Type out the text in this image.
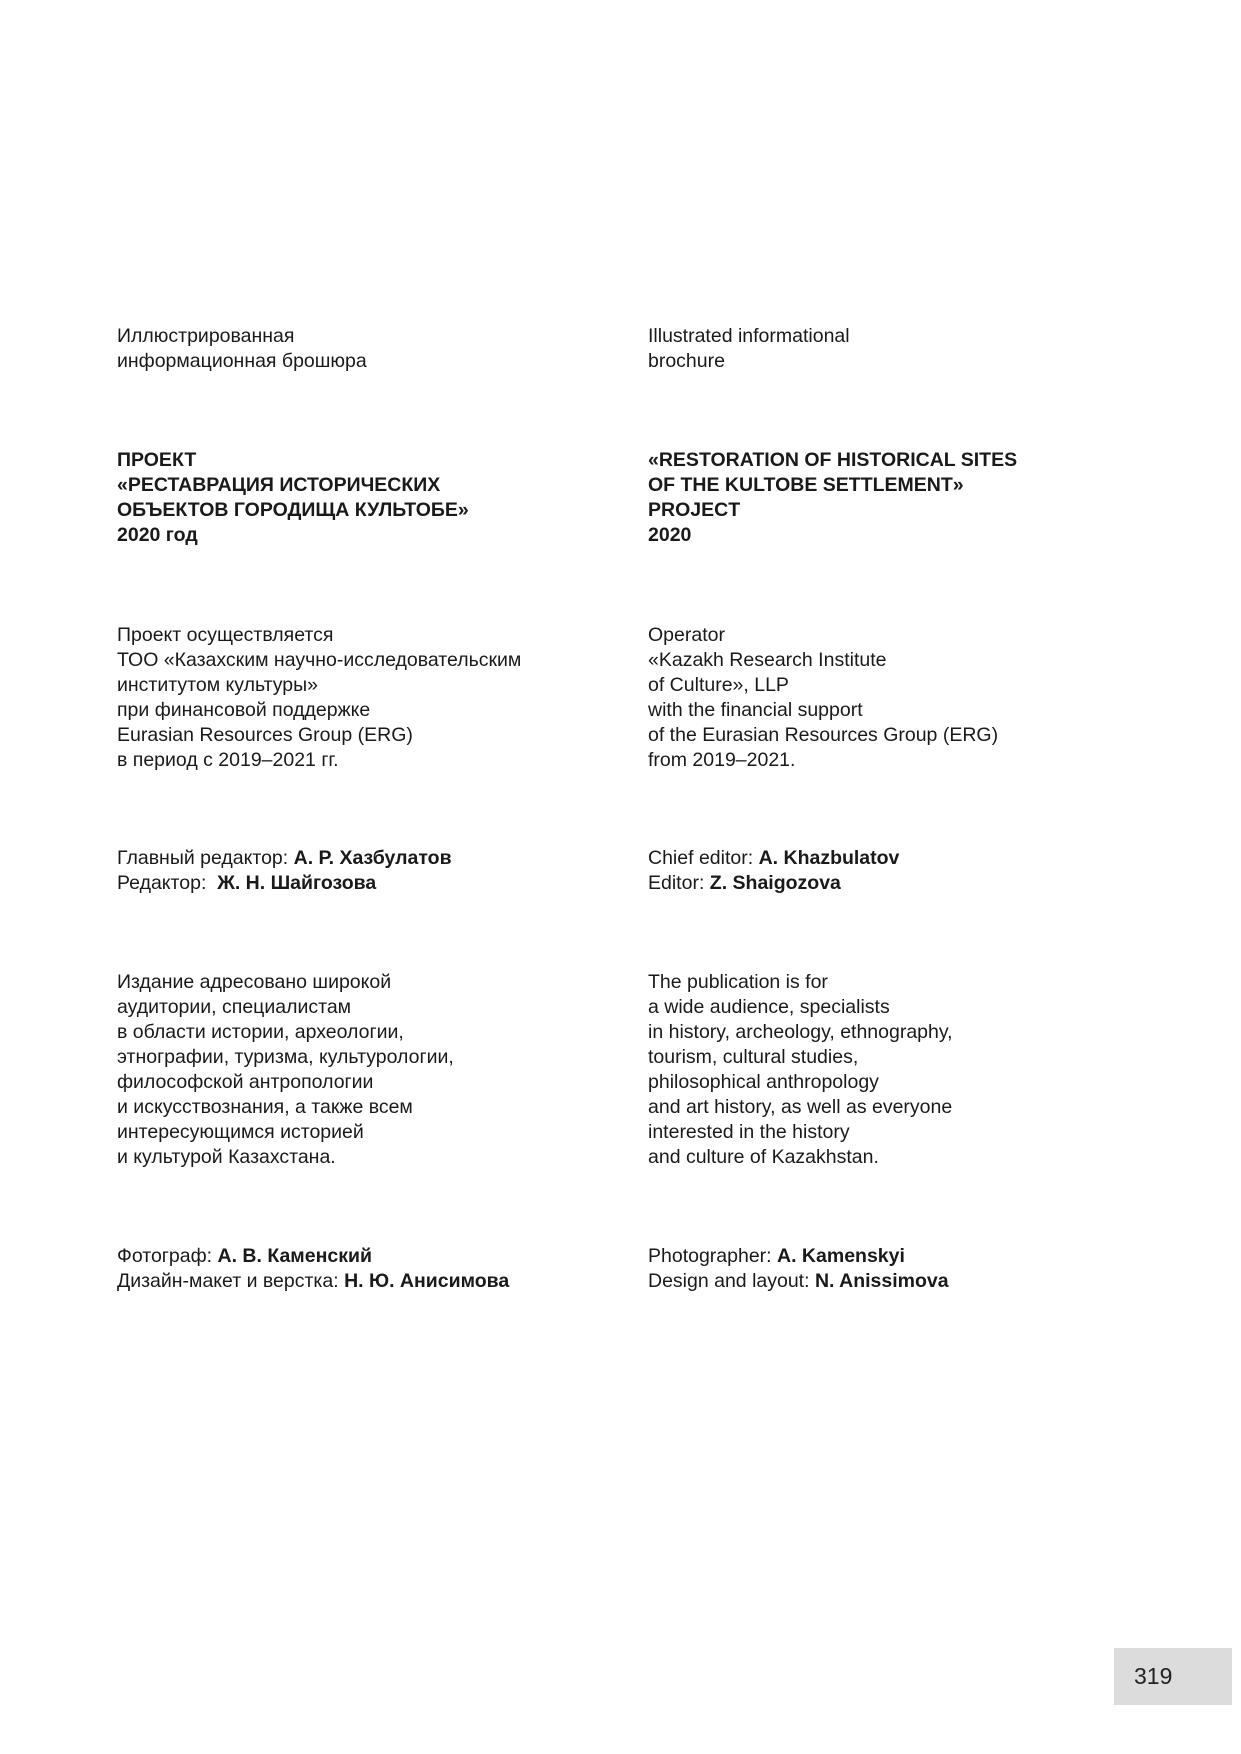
Иллюстрированная
информационная брошюра
ПРОЕКТ
«РЕСТАВРАЦИЯ ИСТОРИЧЕСКИХ
ОБЪЕКТОВ ГОРОДИЩА КУЛЬТОБЕ»
2020 год
Проект осуществляется
ТОО «Казахским научно-исследовательским
институтом культуры»
при финансовой поддержке
Eurasian Resources Group (ERG)
в период с 2019–2021 гг.
Главный редактор: А. Р. Хазбулатов
Редактор:  Ж. Н. Шайгозова
Издание адресовано широкой
аудитории, специалистам
в области истории, археологии,
этнографии, туризма, культурологии,
философской антропологии
и искусствознания, а также всем
интересующимся историей
и культурой Казахстана.
Фотограф: А. В. Каменский
Дизайн-макет и верстка: Н. Ю. Анисимова
Illustrated informational
brochure
«RESTORATION OF HISTORICAL SITES
OF THE KULTOBE SETTLEMENT»
PROJECT
2020
Operator
«Kazakh Research Institute
of Culture», LLP
with the financial support
of the Eurasian Resources Group (ERG)
from 2019–2021.
Chief editor: A. Khazbulatov
Editor: Z. Shaigozova
The publication is for
a wide audience, specialists
in history, archeology, ethnography,
tourism, cultural studies,
philosophical anthropology
and art history, as well as everyone
interested in the history
and culture of Kazakhstan.
Photographer: A. Kamenskyi
Design and layout: N. Anissimova
319
